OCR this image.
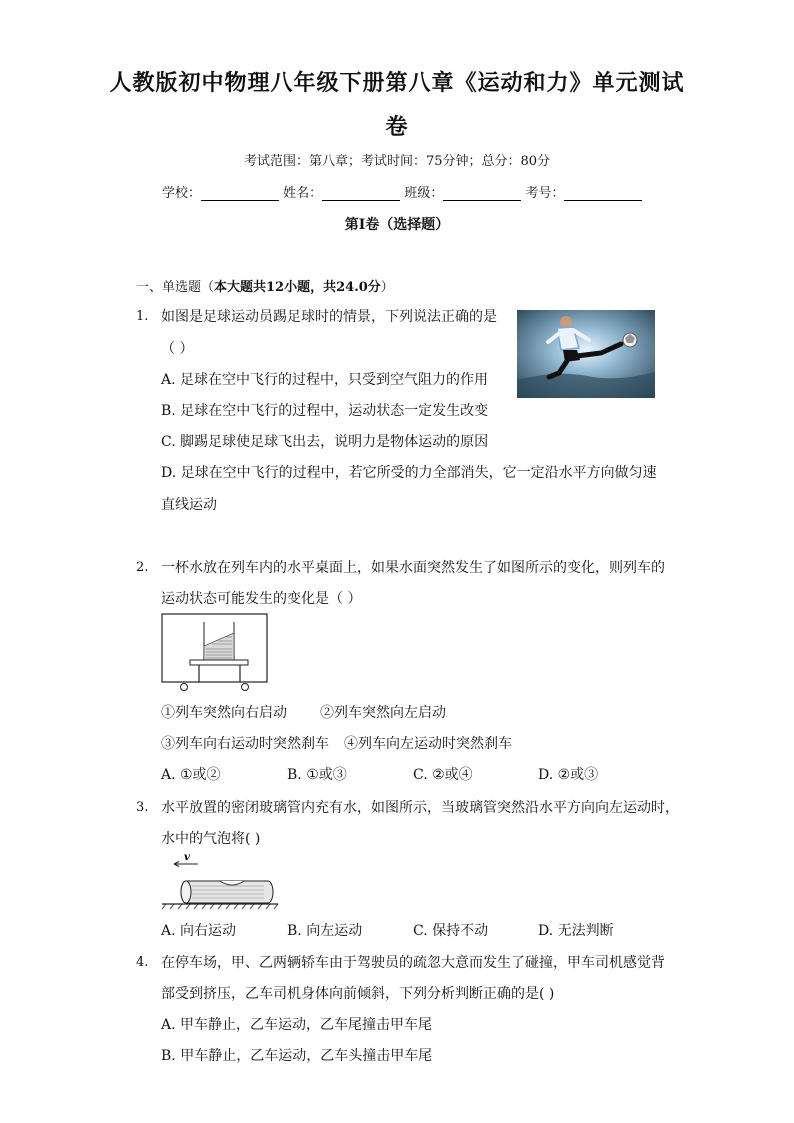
人教版初中物理八年级下册第八章《运动和力》单元测试
卷
考试范围：第八章；考试时间：75分钟；总分：80分
学校：	姓名：	班级：	考号：
第I卷（选择题）
一、单选题（本大题共12小题，共24.0分）
1. 如图是足球运动员踢足球时的情景，下列说法正确的是
（ ）
A. 足球在空中飞行的过程中，只受到空气阻力的作用
B. 足球在空中飞行的过程中，运动状态一定发生改变
C. 脚踢足球使足球飞出去，说明力是物体运动的原因
D. 足球在空中飞行的过程中，若它所受的力全部消失，它一定沿水平方向做匀速
直线运动
2. 一杯水放在列车内的水平桌面上，如果水面突然发生了如图所示的变化，则列车的
运动状态可能发生的变化是（ ）
①列车突然向右启动 ②列车突然向左启动
③列车向右运动时突然刹车 ④列车向左运动时突然刹车
A. ①或②	B. ①或③	C. ②或④	D. ②或③
3. 水平放置的密闭玻璃管内充有水，如图所示，当玻璃管突然沿水平方向向左运动时，
水中的气泡将( )
v
A. 向右运动	B. 向左运动	C. 保持不动	D. 无法判断
4. 在停车场，甲、乙两辆轿车由于驾驶员的疏忽大意而发生了碰撞，甲车司机感觉背
部受到挤压，乙车司机身体向前倾斜，下列分析判断正确的是( )
A. 甲车静止，乙车运动，乙车尾撞击甲车尾
B. 甲车静止，乙车运动，乙车头撞击甲车尾
